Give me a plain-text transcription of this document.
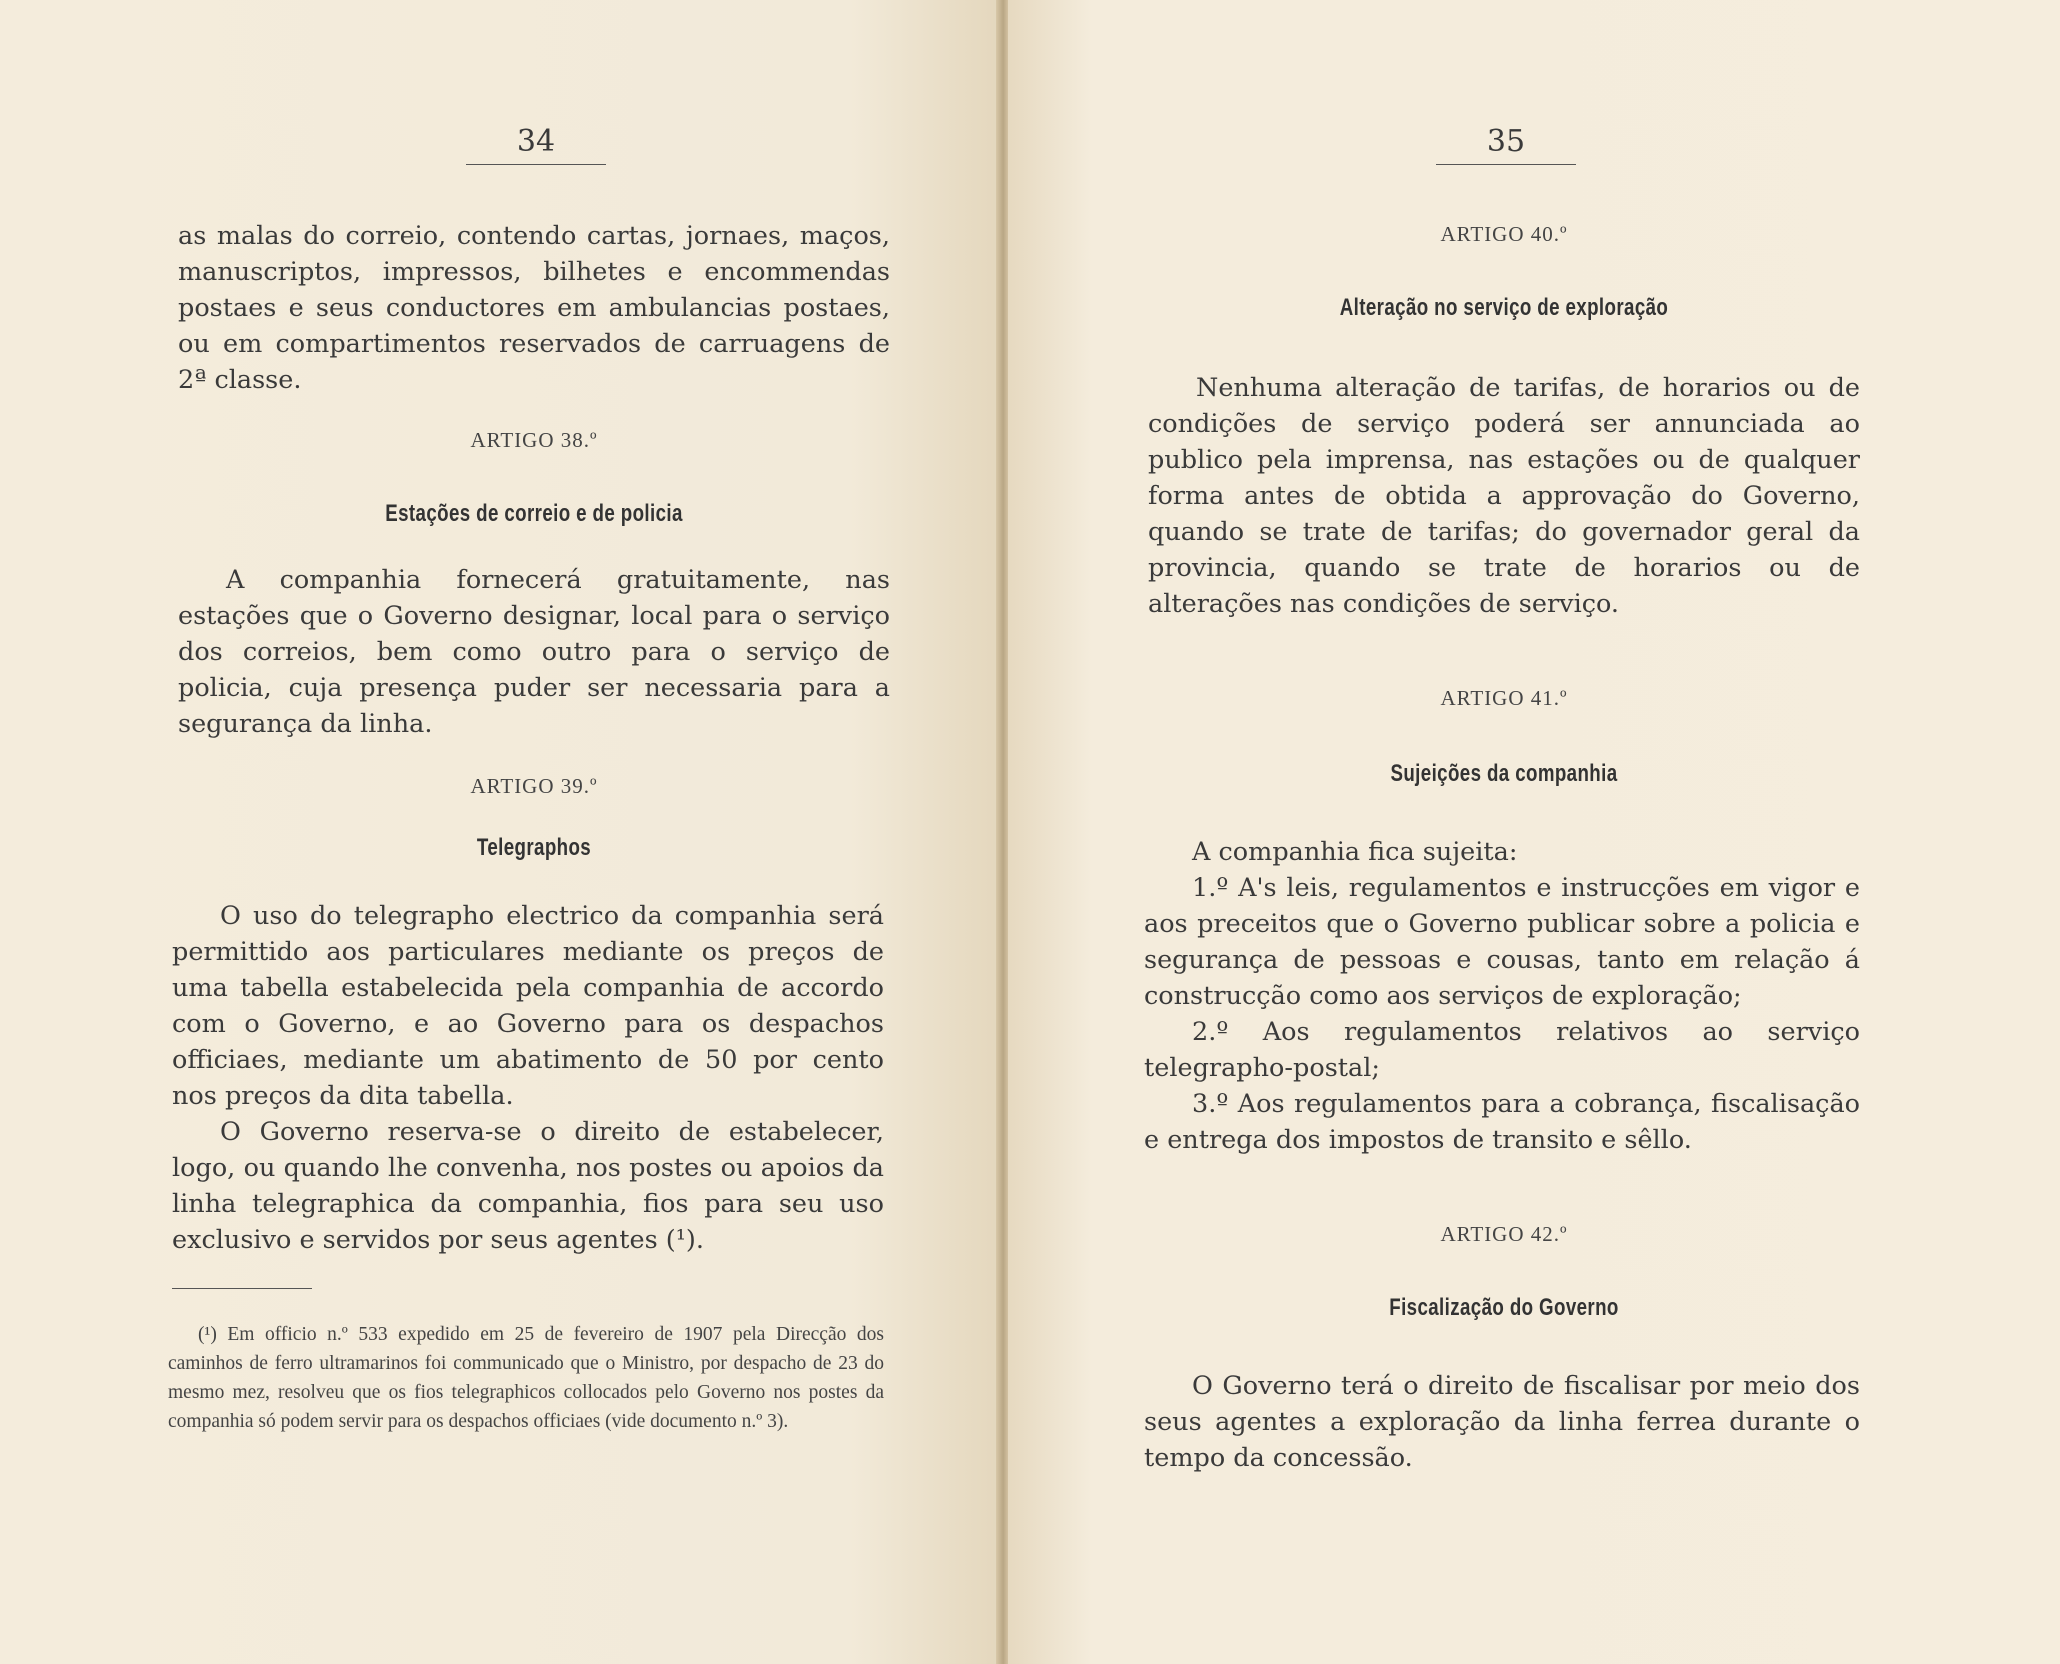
34

as malas do correio, contendo cartas, jornaes, maços, manuscriptos, impressos, bilhetes e encommendas postaes e seus conductores em ambulancias postaes, ou em compartimentos reservados de carruagens de 2ª classe.

ARTIGO 38.º
Estações de correio e de policia

A companhia fornecerá gratuitamente, nas estações que o Governo designar, local para o serviço dos correios, bem como outro para o serviço de policia, cuja presença puder ser necessaria para a segurança da linha.

ARTIGO 39.º
Telegraphos

O uso do telegrapho electrico da companhia será permittido aos particulares mediante os preços de uma tabella estabelecida pela companhia de accordo com o Governo, e ao Governo para os despachos officiaes, mediante um abatimento de 50 por cento nos preços da dita tabella.

O Governo reserva-se o direito de estabelecer, logo, ou quando lhe convenha, nos postes ou apoios da linha telegraphica da companhia, fios para seu uso exclusivo e servidos por seus agentes (¹).

(¹) Em officio n.º 533 expedido em 25 de fevereiro de 1907 pela Direcção dos caminhos de ferro ultramarinos foi communicado que o Ministro, por despacho de 23 do mesmo mez, resolveu que os fios telegraphicos collocados pelo Governo nos postes da companhia só podem servir para os despachos officiaes (vide documento n.º 3).

35
ARTIGO 40.º
Alteração no serviço de exploração

Nenhuma alteração de tarifas, de horarios ou de condições de serviço poderá ser annunciada ao publico pela imprensa, nas estações ou de qualquer forma antes de obtida a approvação do Governo, quando se trate de tarifas; do governador geral da provincia, quando se trate de horarios ou de alterações nas condições de serviço.

ARTIGO 41.º
Sujeições da companhia
A companhia fica sujeita:
1.º A's leis, regulamentos e instrucções em vigor e aos preceitos que o Governo publicar sobre a policia e segurança de pessoas e cousas, tanto em relação á construcção como aos serviços de exploração;
2.º Aos regulamentos relativos ao serviço telegrapho-postal;
3.º Aos regulamentos para a cobrança, fiscalisação e entrega dos impostos de transito e sêllo.
ARTIGO 42.º
Fiscalização do Governo

O Governo terá o direito de fiscalisar por meio dos seus agentes a exploração da linha ferrea durante o tempo da concessão.
